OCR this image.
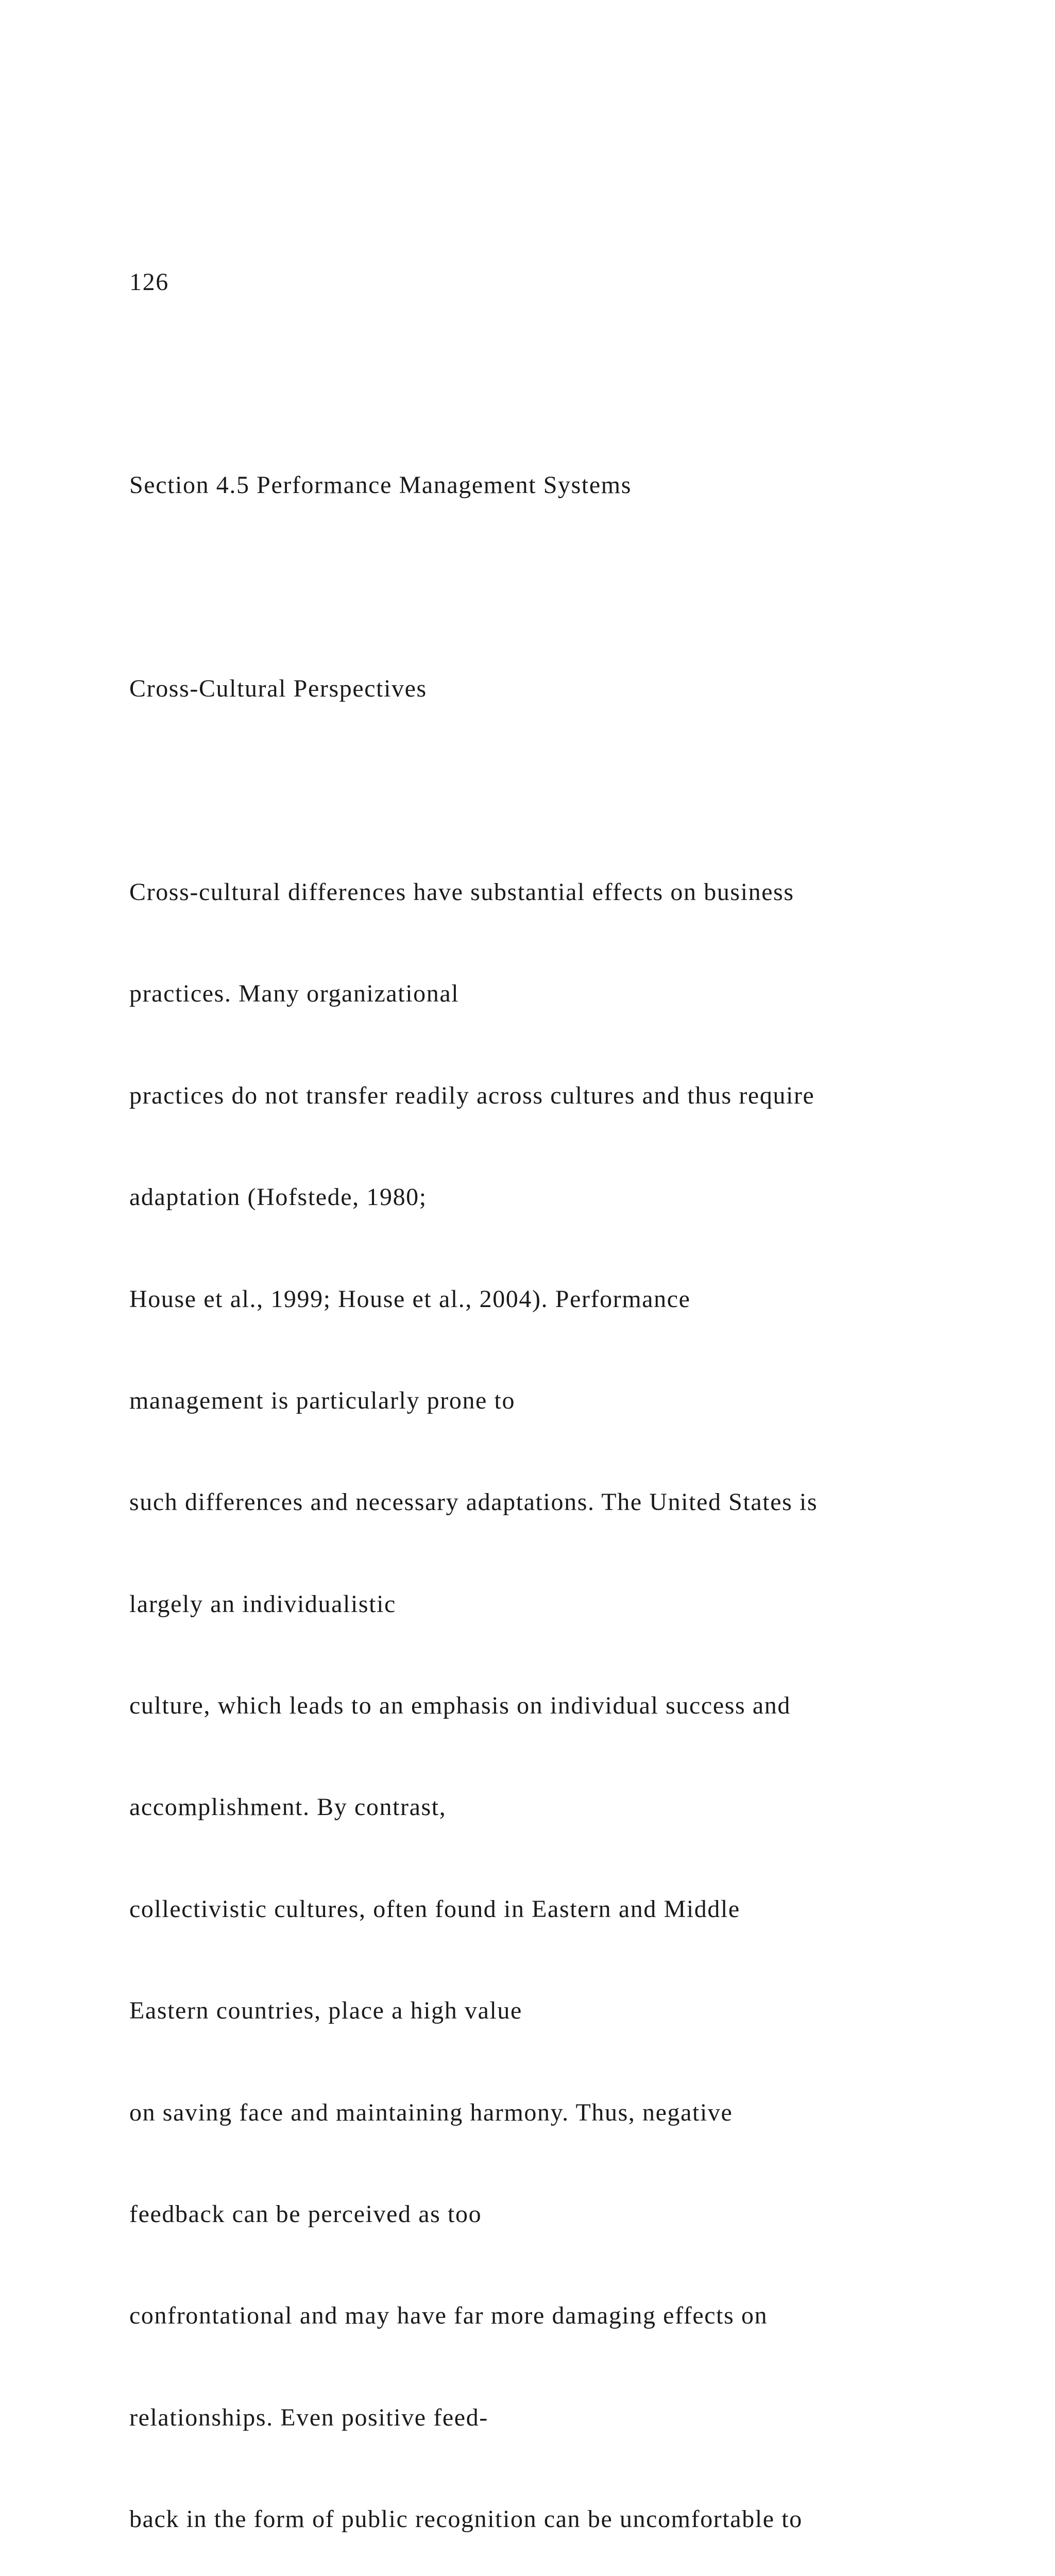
126

Section 4.5 Performance Management Systems

Cross-Cultural Perspectives

Cross-cultural differences have substantial effects on business

practices. Many organizational

practices do not transfer readily across cultures and thus require

adaptation (Hofstede, 1980;

House et al., 1999; House et al., 2004). Performance

management is particularly prone to

such differences and necessary adaptations. The United States is

largely an individualistic

culture, which leads to an emphasis on individual success and

accomplishment. By contrast,

collectivistic cultures, often found in Eastern and Middle

Eastern countries, place a high value

on saving face and maintaining harmony. Thus, negative

feedback can be perceived as too

confrontational and may have far more damaging effects on

relationships. Even positive feed-

back in the form of public recognition can be uncomfortable to
